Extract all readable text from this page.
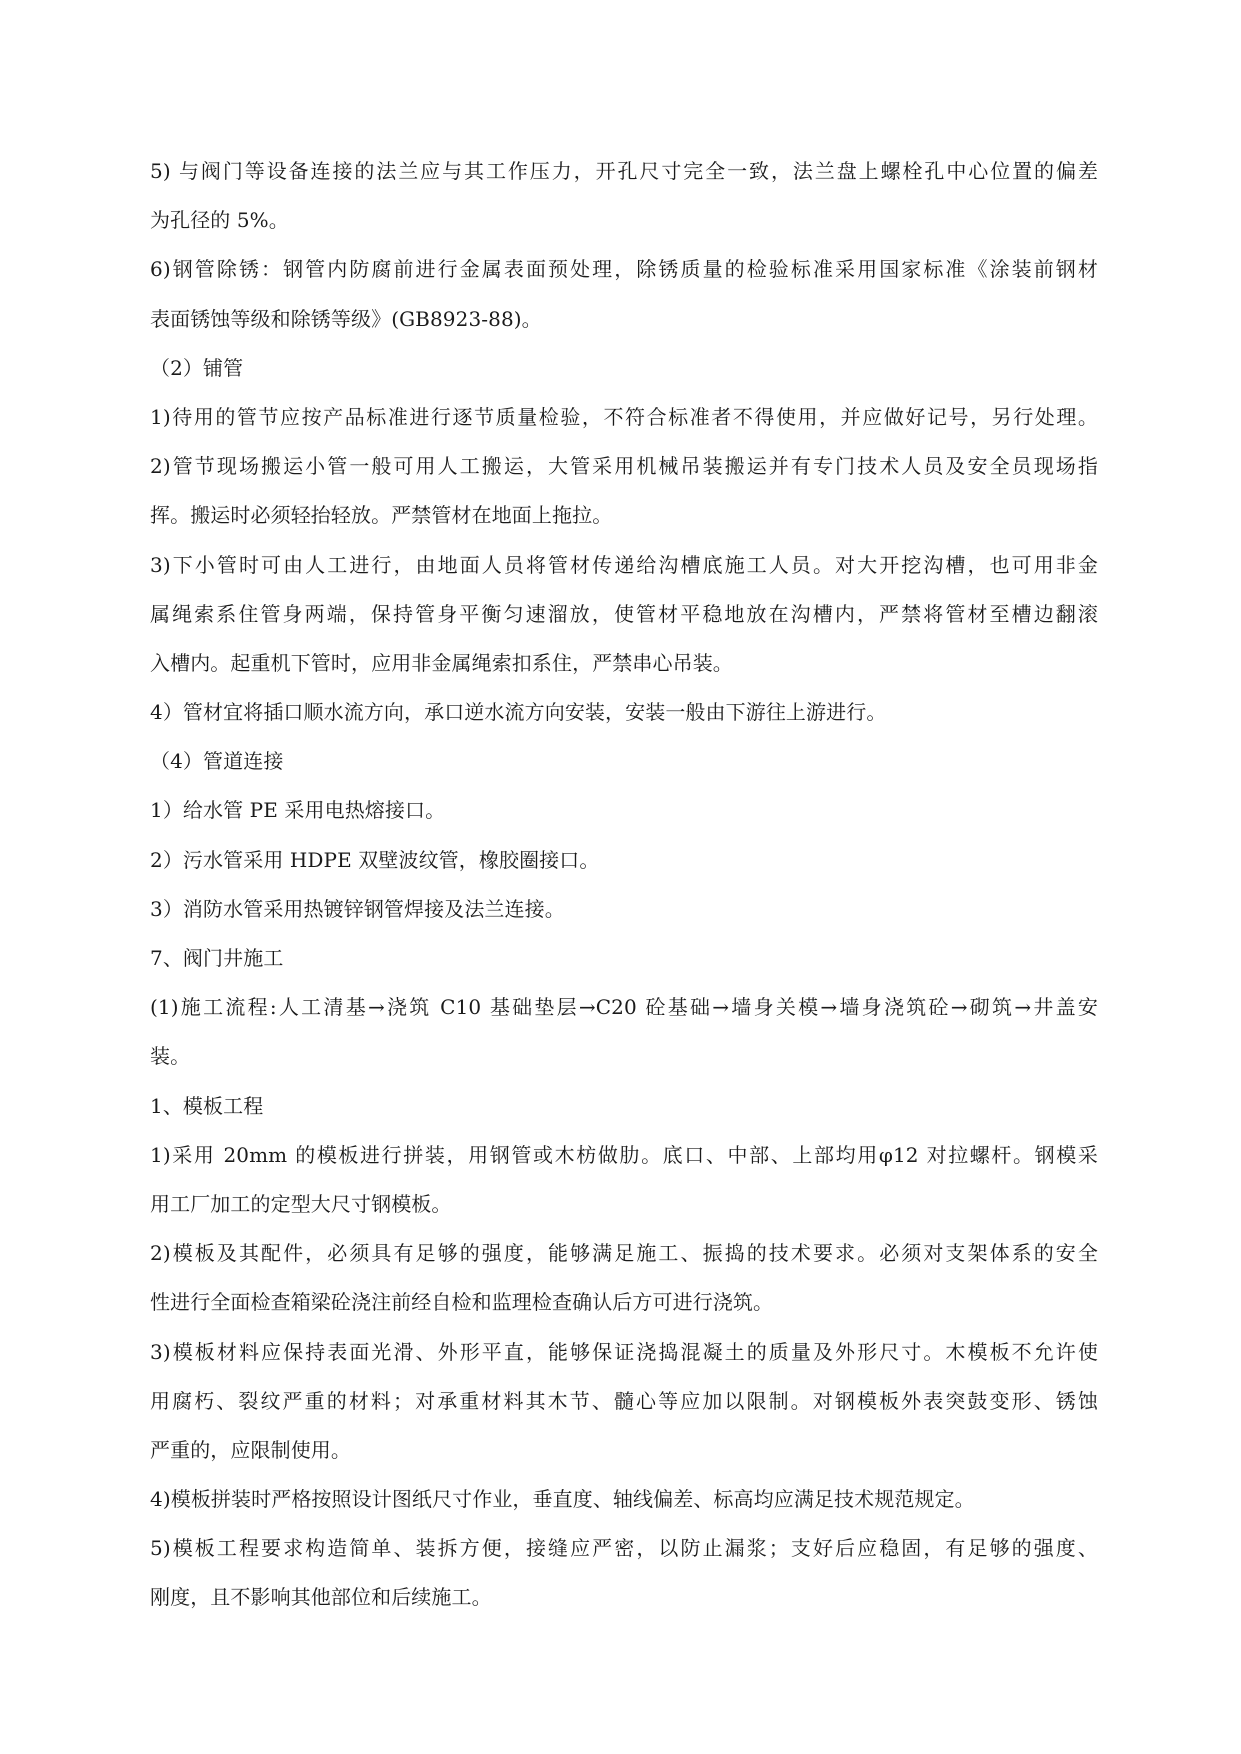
5) 与阀门等设备连接的法兰应与其工作压力，开孔尺寸完全一致，法兰盘上螺栓孔中心位置的偏差
为孔径的 5%。
6)钢管除锈：钢管内防腐前进行金属表面预处理，除锈质量的检验标准采用国家标准《涂装前钢材
表面锈蚀等级和除锈等级》(GB8923-88)。
（2）铺管
1)待用的管节应按产品标准进行逐节质量检验，不符合标准者不得使用，并应做好记号，另行处理。
2)管节现场搬运小管一般可用人工搬运，大管采用机械吊装搬运并有专门技术人员及安全员现场指
挥。搬运时必须轻抬轻放。严禁管材在地面上拖拉。
3)下小管时可由人工进行，由地面人员将管材传递给沟槽底施工人员。对大开挖沟槽，也可用非金
属绳索系住管身两端，保持管身平衡匀速溜放，使管材平稳地放在沟槽内，严禁将管材至槽边翻滚
入槽内。起重机下管时，应用非金属绳索扣系住，严禁串心吊装。
4）管材宜将插口顺水流方向，承口逆水流方向安装，安装一般由下游往上游进行。
（4）管道连接
1）给水管 PE 采用电热熔接口。
2）污水管采用 HDPE 双壁波纹管，橡胶圈接口。
3）消防水管采用热镀锌钢管焊接及法兰连接。
7、阀门井施工
(1)施工流程:人工清基→浇筑 C10 基础垫层→C20 砼基础→墙身关模→墙身浇筑砼→砌筑→井盖安
装。
1、模板工程
1)采用 20mm 的模板进行拼装，用钢管或木枋做肋。底口、中部、上部均用φ12 对拉螺杆。钢模采
用工厂加工的定型大尺寸钢模板。
2)模板及其配件，必须具有足够的强度，能够满足施工、振捣的技术要求。必须对支架体系的安全
性进行全面检查箱梁砼浇注前经自检和监理检查确认后方可进行浇筑。
3)模板材料应保持表面光滑、外形平直，能够保证浇捣混凝土的质量及外形尺寸。木模板不允许使
用腐朽、裂纹严重的材料；对承重材料其木节、髓心等应加以限制。对钢模板外表突鼓变形、锈蚀
严重的，应限制使用。
4)模板拼装时严格按照设计图纸尺寸作业，垂直度、轴线偏差、标高均应满足技术规范规定。
5)模板工程要求构造简单、装拆方便，接缝应严密，以防止漏浆；支好后应稳固，有足够的强度、
刚度，且不影响其他部位和后续施工。
